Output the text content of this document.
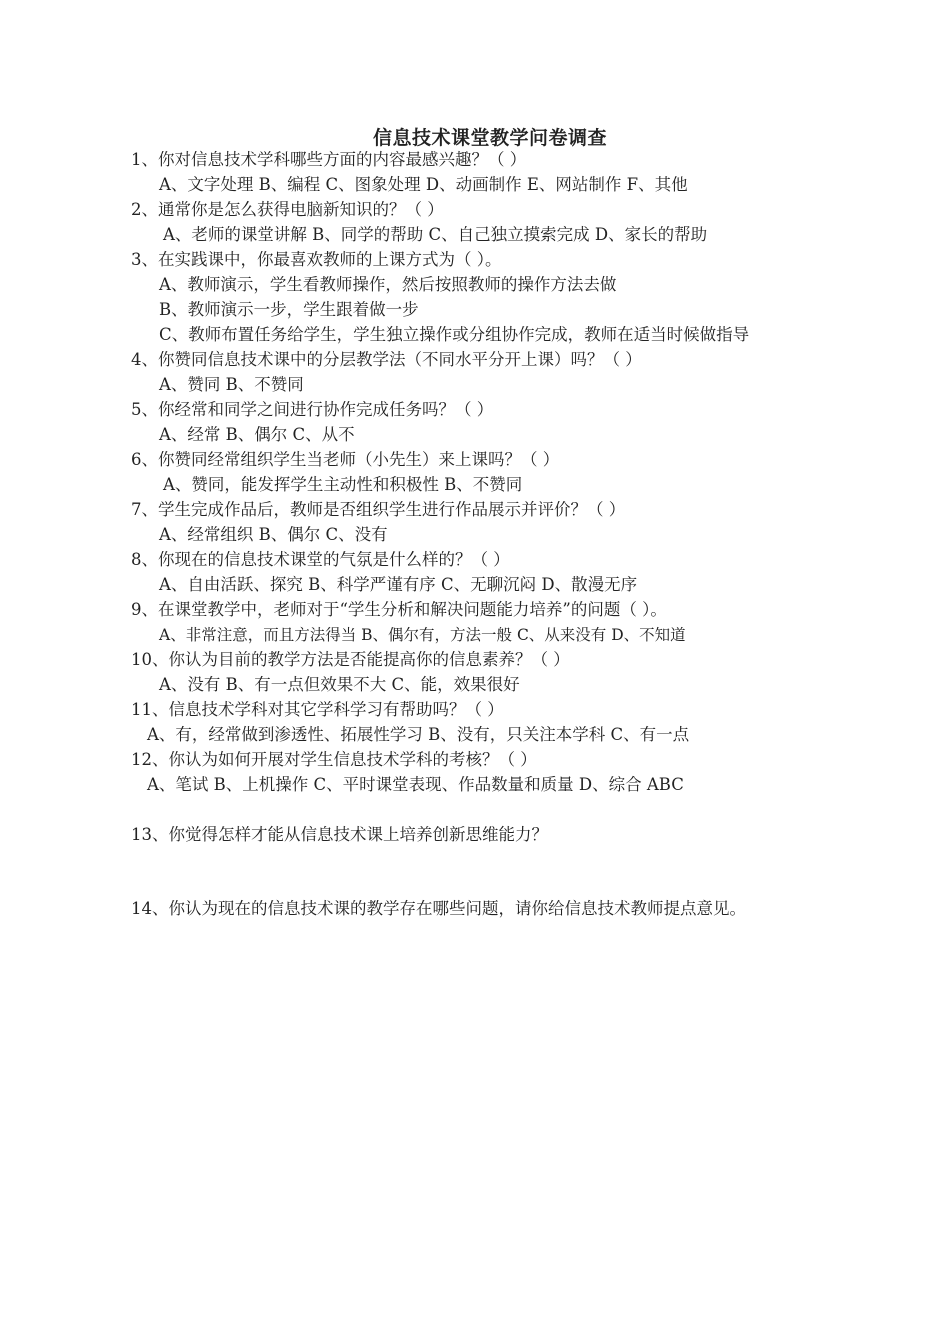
信息技术课堂教学问卷调查
1、你对信息技术学科哪些方面的内容最感兴趣？（ ）
A、文字处理 B、编程 C、图象处理 D、动画制作 E、网站制作 F、其他
2、通常你是怎么获得电脑新知识的？（ ）
A、老师的课堂讲解 B、同学的帮助 C、自己独立摸索完成 D、家长的帮助
3、在实践课中，你最喜欢教师的上课方式为（ ）。
A、教师演示，学生看教师操作，然后按照教师的操作方法去做
B、教师演示一步，学生跟着做一步
C、教师布置任务给学生，学生独立操作或分组协作完成，教师在适当时候做指导
4、你赞同信息技术课中的分层教学法（不同水平分开上课）吗？（ ）
A、赞同 B、不赞同
5、你经常和同学之间进行协作完成任务吗？（ ）
A、经常 B、偶尔 C、从不
6、你赞同经常组织学生当老师（小先生）来上课吗？（ ）
A、赞同，能发挥学生主动性和积极性 B、不赞同
7、学生完成作品后，教师是否组织学生进行作品展示并评价？（ ）
A、经常组织 B、偶尔 C、没有
8、你现在的信息技术课堂的气氛是什么样的？（ ）
A、自由活跃、探究 B、科学严谨有序 C、无聊沉闷 D、散漫无序
9、在课堂教学中，老师对于“学生分析和解决问题能力培养”的问题（ ）。
A、非常注意，而且方法得当 B、偶尔有，方法一般 C、从来没有 D、不知道
10、你认为目前的教学方法是否能提高你的信息素养？（ ）
A、没有 B、有一点但效果不大 C、能，效果很好
11、信息技术学科对其它学科学习有帮助吗？（ ）
A、有，经常做到渗透性、拓展性学习 B、没有，只关注本学科 C、有一点
12、你认为如何开展对学生信息技术学科的考核？（ ）
A、笔试 B、上机操作 C、平时课堂表现、作品数量和质量 D、综合 ABC
13、你觉得怎样才能从信息技术课上培养创新思维能力？
14、你认为现在的信息技术课的教学存在哪些问题，请你给信息技术教师提点意见。
